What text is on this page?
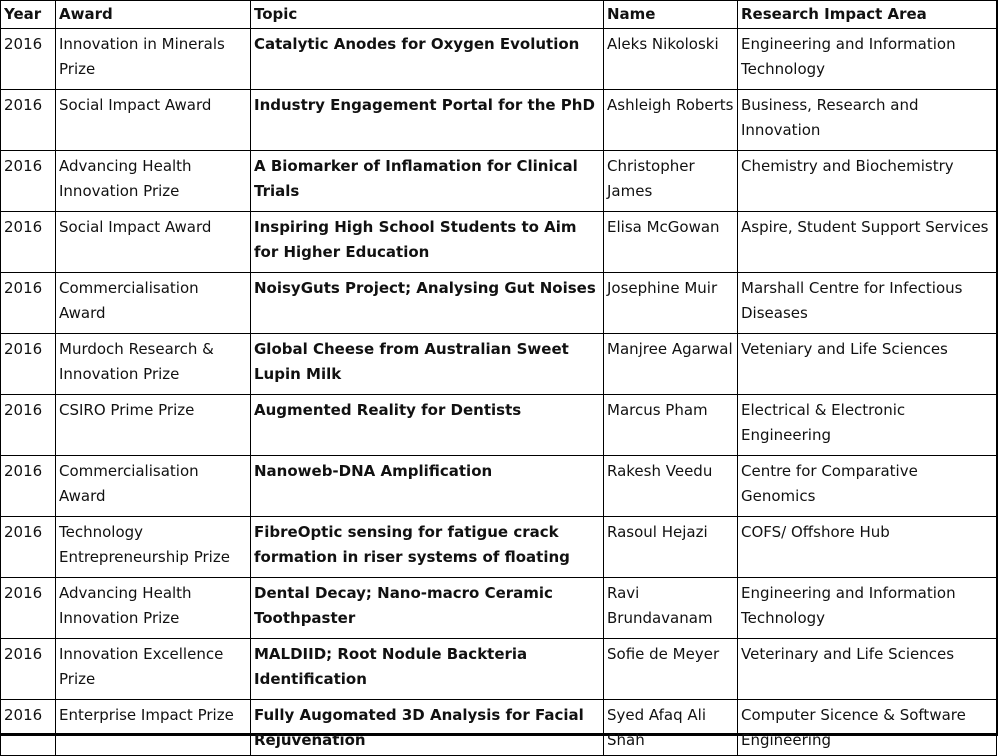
Year	Award	Topic	Name	Research Impact Area
2016	Innovation in Minerals Prize	Catalytic Anodes for Oxygen Evolution	Aleks Nikoloski	Engineering and Information Technology
2016	Social Impact Award	Industry Engagement Portal for the PhD	Ashleigh Roberts	Business, Research and Innovation
2016	Advancing Health Innovation Prize	A Biomarker of Inflamation for Clinical Trials	Christopher James	Chemistry and Biochemistry
2016	Social Impact Award	Inspiring High School Students to Aim for Higher Education	Elisa McGowan	Aspire, Student Support Services
2016	Commercialisation Award	NoisyGuts Project; Analysing Gut Noises	Josephine Muir	Marshall Centre for Infectious Diseases
2016	Murdoch Research & Innovation Prize	Global Cheese from Australian Sweet Lupin Milk	Manjree Agarwal	Veteniary and Life Sciences
2016	CSIRO Prime Prize	Augmented Reality for Dentists	Marcus Pham	Electrical & Electronic Engineering
2016	Commercialisation Award	Nanoweb-DNA Amplification	Rakesh Veedu	Centre for Comparative Genomics
2016	Technology Entrepreneurship Prize	FibreOptic sensing for fatigue crack formation in riser systems of floating	Rasoul Hejazi	COFS/ Offshore Hub
2016	Advancing Health Innovation Prize	Dental Decay; Nano-macro Ceramic Toothpaster	Ravi Brundavanam	Engineering and Information Technology
2016	Innovation Excellence Prize	MALDIID; Root Nodule Backteria Identification	Sofie de Meyer	Veterinary and Life Sciences
2016	Enterprise Impact Prize	Fully Augomated 3D Analysis for Facial Rejuvenation	Syed Afaq Ali Shah	Computer Sicence & Software Engineering
